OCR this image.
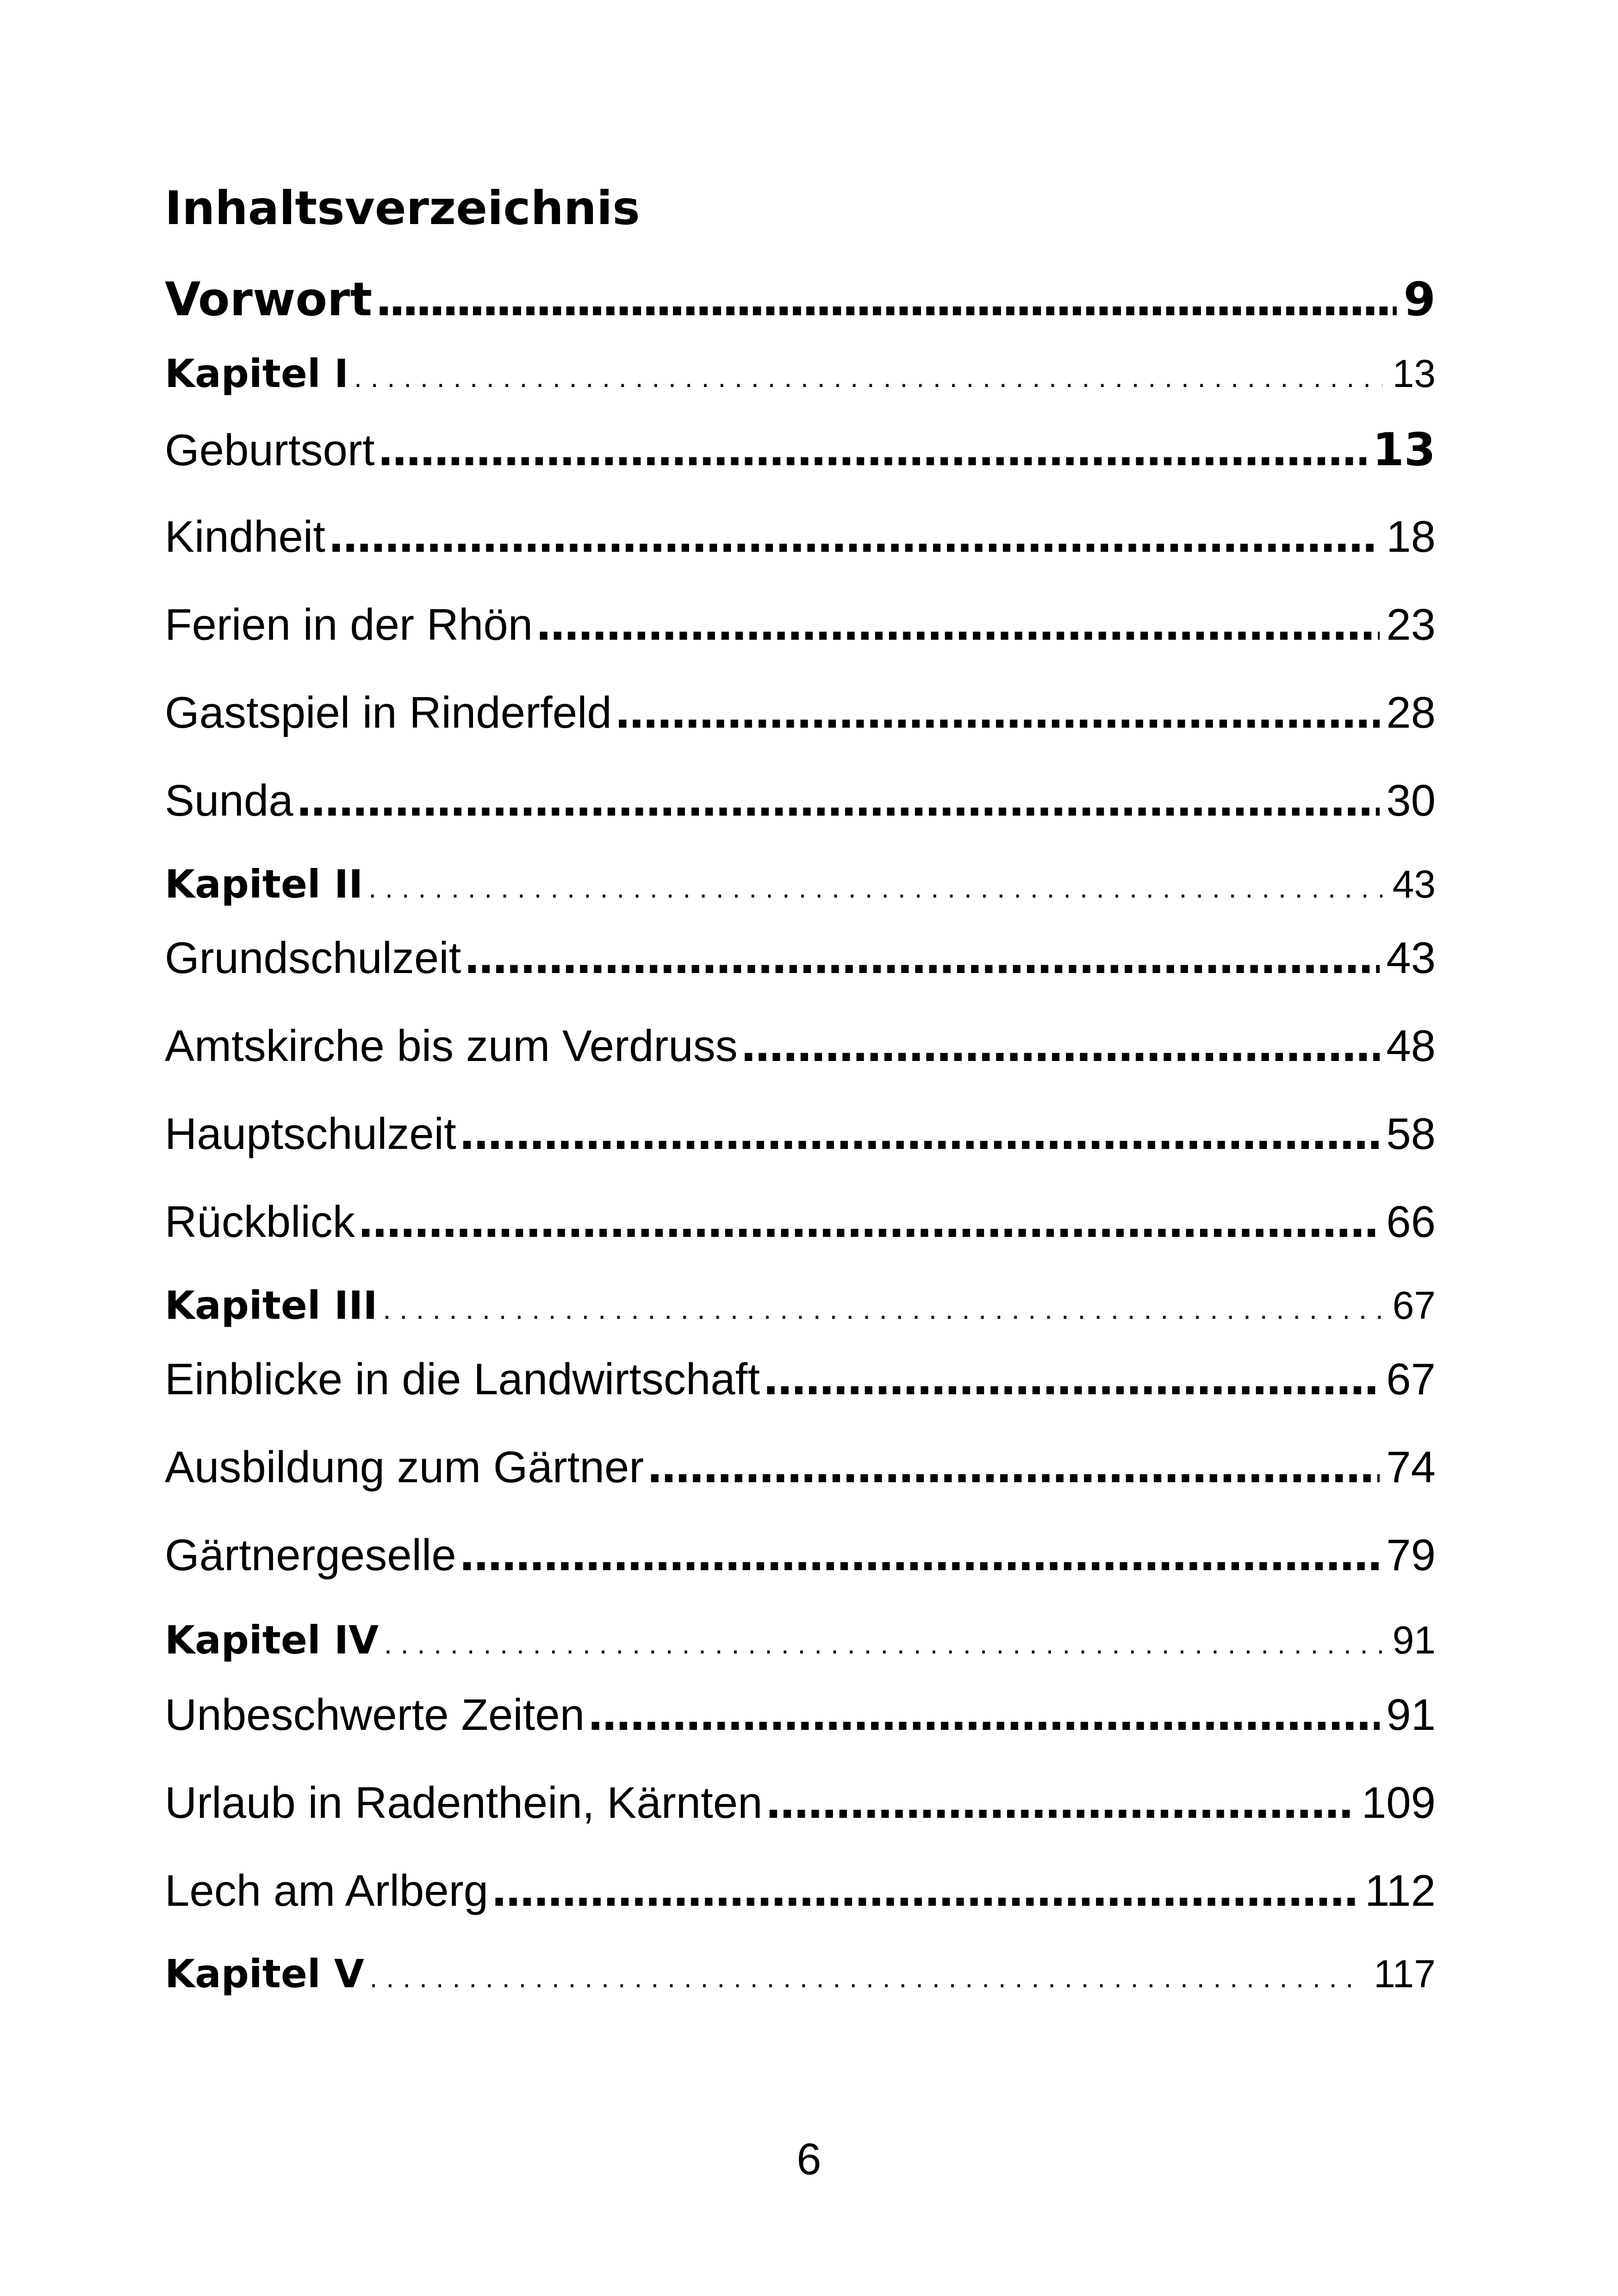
Inhaltsverzeichnis
Vorwort . . .	9
Kapitel I . . .	13
Geburtsort . . .	13
Kindheit . . .	18
Ferien in der Rhön . . .	23
Gastspiel in Rinderfeld . . .	28
Sunda . . .	30
Kapitel II . . .	43
Grundschulzeit . . .	43
Amtskirche bis zum Verdruss . . .	48
Hauptschulzeit . . .	58
Rückblick . . .	66
Kapitel III . . .	67
Einblicke in die Landwirtschaft . . .	67
Ausbildung zum Gärtner . . .	74
Gärtnergeselle . . .	79
Kapitel IV . . .	91
Unbeschwerte Zeiten . . .	91
Urlaub in Radenthein, Kärnten . . .	109
Lech am Arlberg . . .	112
Kapitel V . . .	117
6
